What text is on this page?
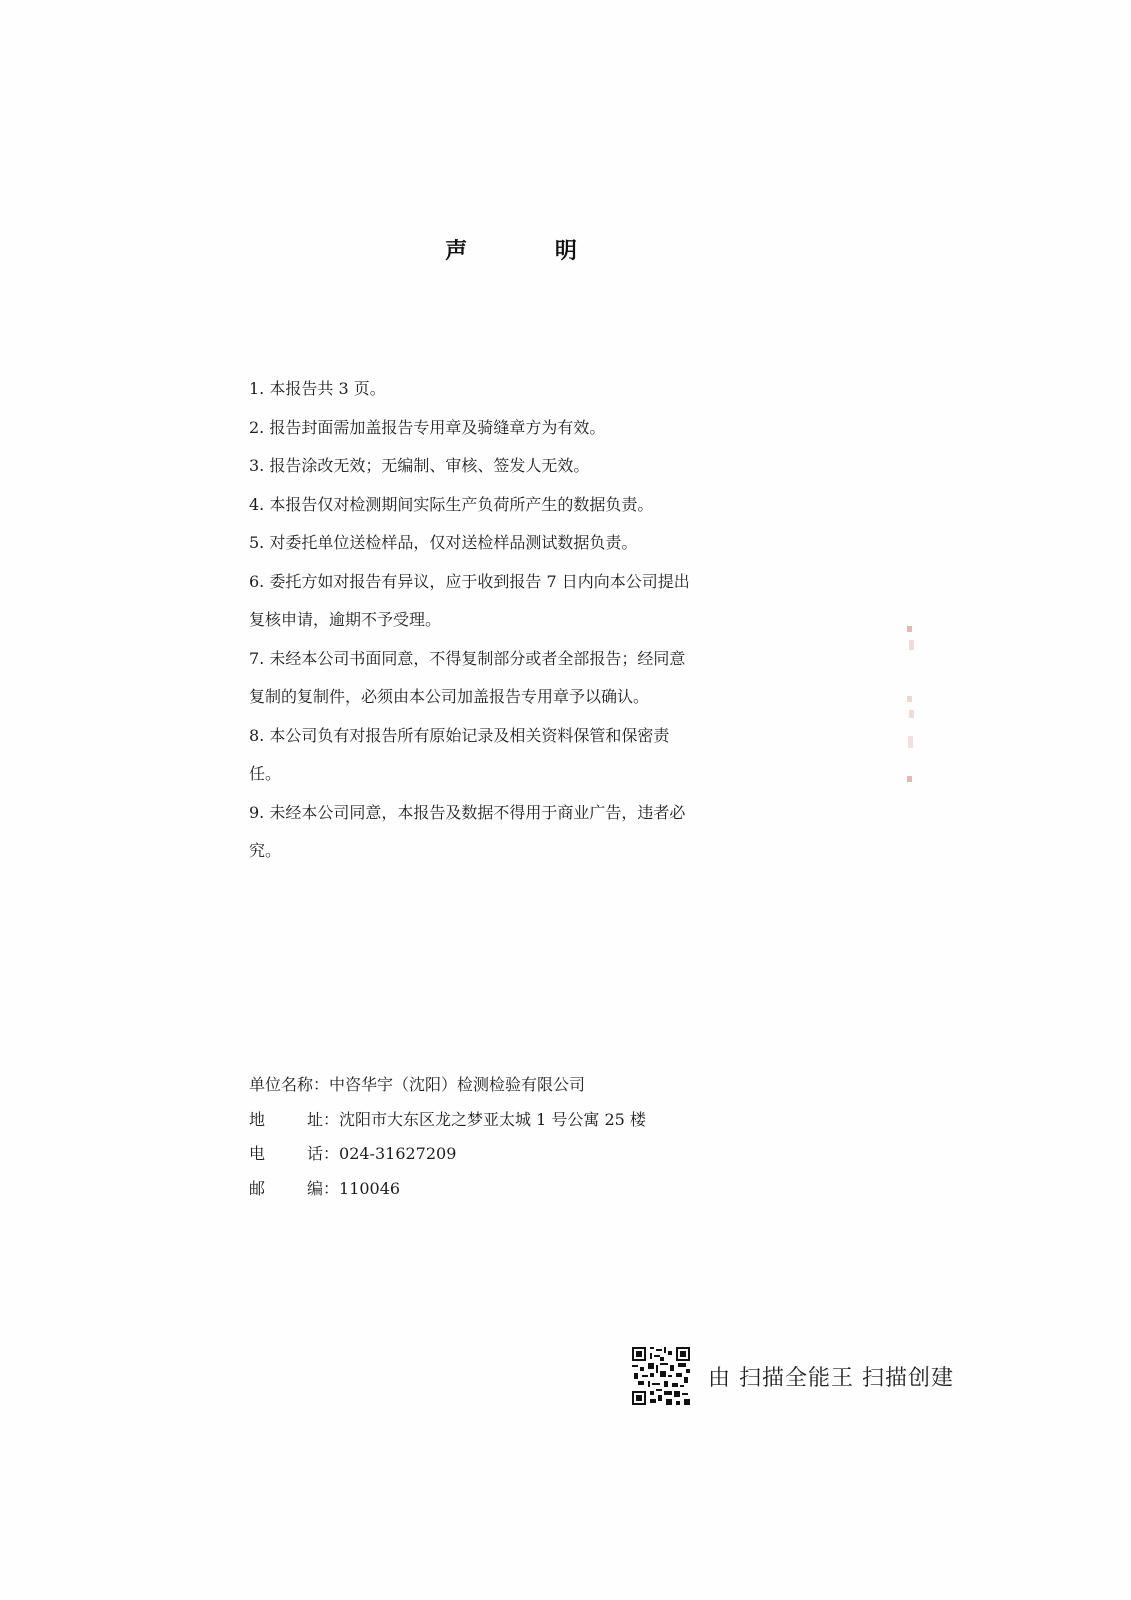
声 明

1. 本报告共 3 页。

2. 报告封面需加盖报告专用章及骑缝章方为有效。

3. 报告涂改无效；无编制、审核、签发人无效。

4. 本报告仅对检测期间实际生产负荷所产生的数据负责。

5. 对委托单位送检样品，仅对送检样品测试数据负责。

6. 委托方如对报告有异议，应于收到报告 7 日内向本公司提出

复核申请，逾期不予受理。

7. 未经本公司书面同意，不得复制部分或者全部报告；经同意

复制的复制件，必须由本公司加盖报告专用章予以确认。

8. 本公司负有对报告所有原始记录及相关资料保管和保密责

任。

9. 未经本公司同意，本报告及数据不得用于商业广告，违者必

究。

单位名称：中咨华宇（沈阳）检测检验有限公司
地	址：沈阳市大东区龙之梦亚太城 1 号公寓 25 楼
电	话：024-31627209
邮	编：110046
由 扫描全能王 扫描创建
